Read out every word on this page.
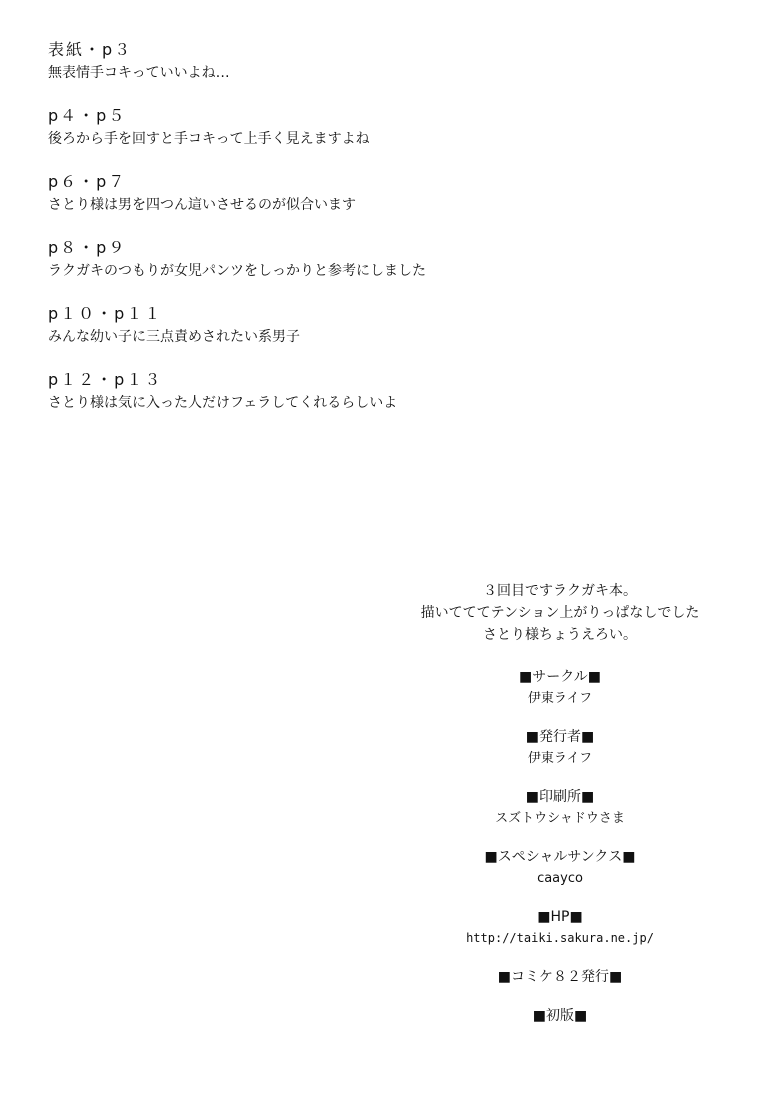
表紙・p３
無表情手コキっていいよね…
p４・p５
後ろから手を回すと手コキって上手く見えますよね
p６・p７
さとり様は男を四つん這いさせるのが似合います
p８・p９
ラクガキのつもりが女児パンツをしっかりと参考にしました
p１０・p１１
みんな幼い子に三点責めされたい系男子
p１２・p１３
さとり様は気に入った人だけフェラしてくれるらしいよ
３回目ですラクガキ本。
描いてててテンション上がりっぱなしでした
さとり様ちょうえろい。
■サークル■
伊東ライフ
■発行者■
伊東ライフ
■印刷所■
スズトウシャドウさま
■スペシャルサンクス■
caayco
■HP■
http://taiki.sakura.ne.jp/
■コミケ８２発行■
■初版■
